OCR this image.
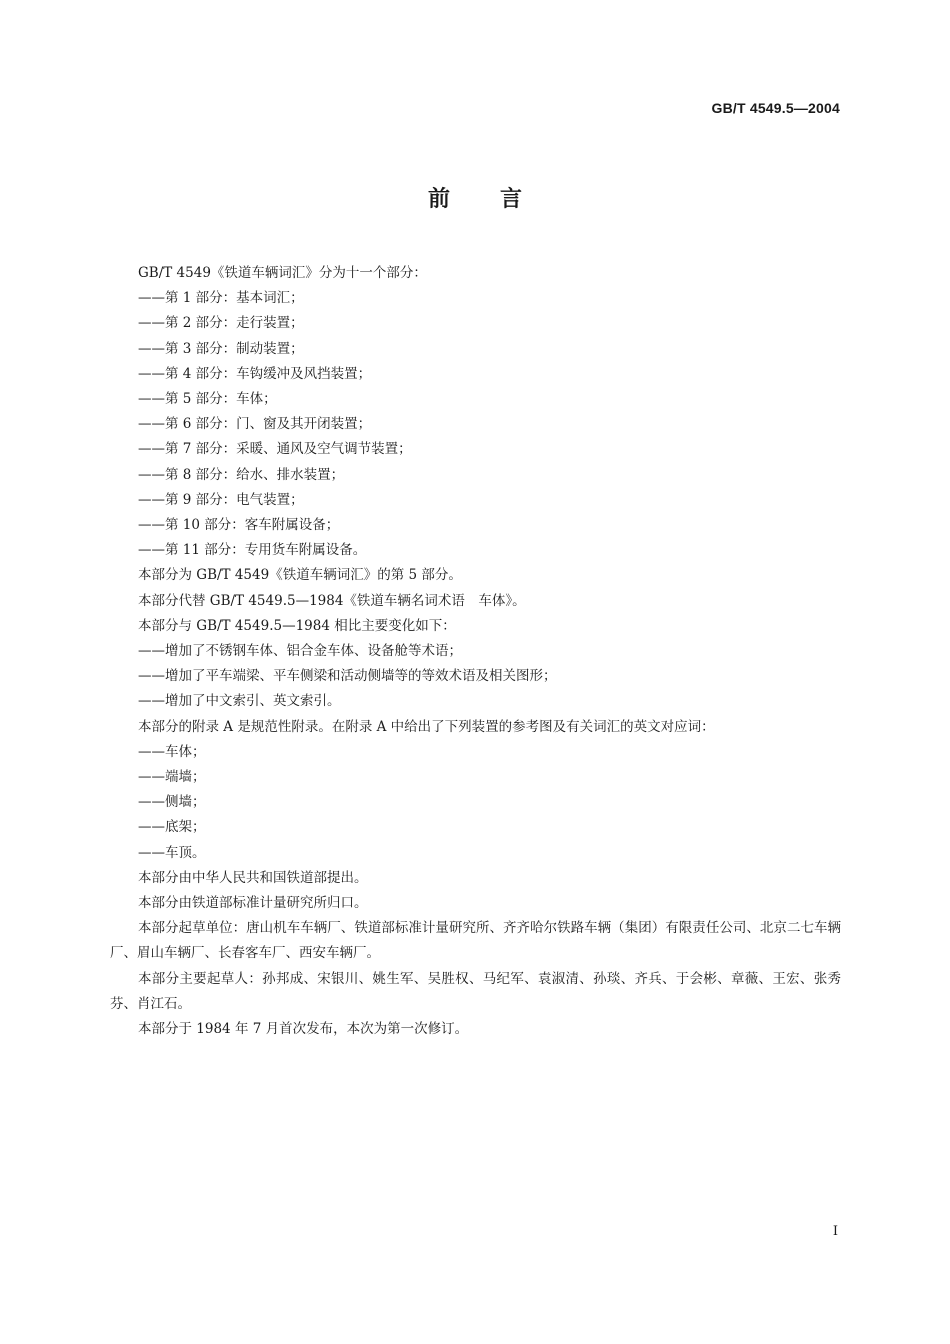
GB/T 4549.5—2004
前言

GB/T 4549《铁道车辆词汇》分为十一个部分：

——第 1 部分：基本词汇；

——第 2 部分：走行装置；

——第 3 部分：制动装置；

——第 4 部分：车钩缓冲及风挡装置；

——第 5 部分：车体；

——第 6 部分：门、窗及其开闭装置；

——第 7 部分：采暖、通风及空气调节装置；

——第 8 部分：给水、排水装置；

——第 9 部分：电气装置；

——第 10 部分：客车附属设备；

——第 11 部分：专用货车附属设备。

本部分为 GB/T 4549《铁道车辆词汇》的第 5 部分。

本部分代替 GB/T 4549.5—1984《铁道车辆名词术语　车体》。

本部分与 GB/T 4549.5—1984 相比主要变化如下：

——增加了不锈钢车体、铝合金车体、设备舱等术语；

——增加了平车端梁、平车侧梁和活动侧墙等的等效术语及相关图形；

——增加了中文索引、英文索引。

本部分的附录 A 是规范性附录。在附录 A 中给出了下列装置的参考图及有关词汇的英文对应词：

——车体；

——端墙；

——侧墙；

——底架；

——车顶。

本部分由中华人民共和国铁道部提出。

本部分由铁道部标准计量研究所归口。

本部分起草单位：唐山机车车辆厂、铁道部标准计量研究所、齐齐哈尔铁路车辆（集团）有限责任公司、北京二七车辆厂、眉山车辆厂、长春客车厂、西安车辆厂。

本部分主要起草人：孙邦成、宋银川、姚生军、吴胜权、马纪军、袁淑清、孙琰、齐兵、于会彬、章薇、王宏、张秀芬、肖江石。

本部分于 1984 年 7 月首次发布，本次为第一次修订。

I
